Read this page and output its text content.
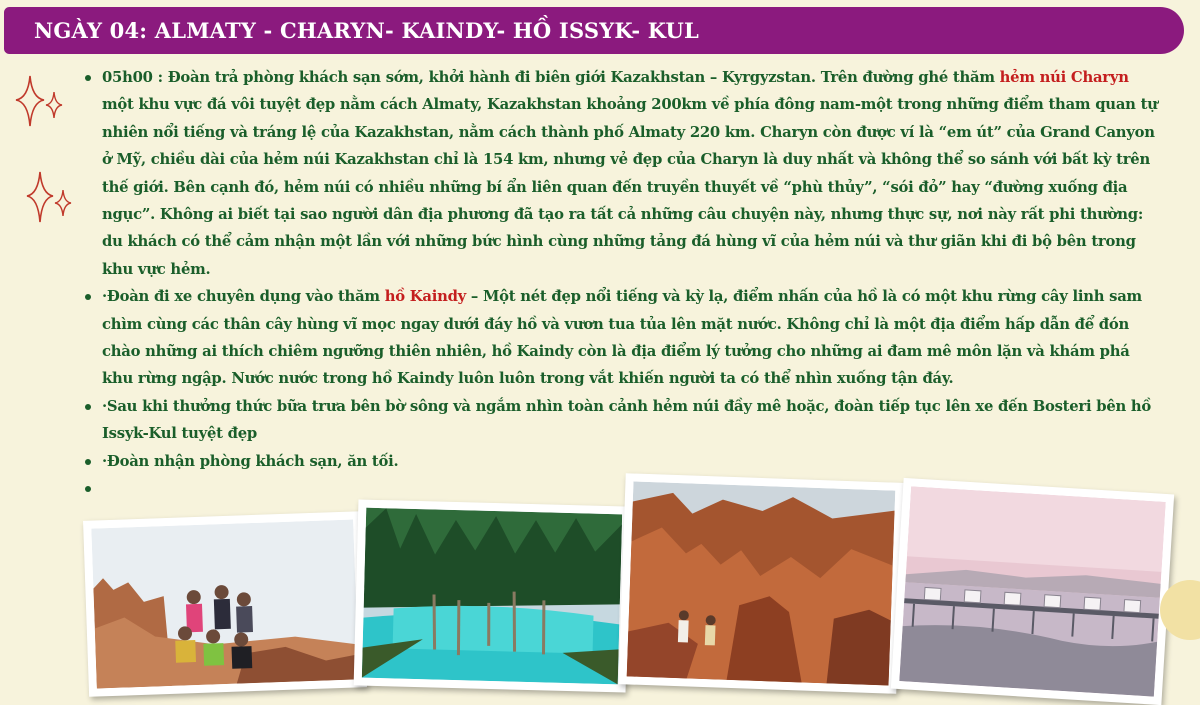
NGÀY 04: ALMATY - CHARYN- KAINDY- HỒ ISSYK- KUL
05h00 : Đoàn trả phòng khách sạn sớm, khởi hành đi biên giới Kazakhstan – Kyrgyzstan. Trên đường ghé thăm hẻm núi Charyn một khu vực đá vôi tuyệt đẹp nằm cách Almaty, Kazakhstan khoảng 200km về phía đông nam-một trong những điểm tham quan tự nhiên nổi tiếng và tráng lệ của Kazakhstan, nằm cách thành phố Almaty 220 km. Charyn còn được ví là “em út” của Grand Canyon ở Mỹ, chiều dài của hẻm núi Kazakhstan chỉ là 154 km, nhưng vẻ đẹp của Charyn là duy nhất và không thể so sánh với bất kỳ trên thế giới. Bên cạnh đó, hẻm núi có nhiều những bí ẩn liên quan đến truyền thuyết về “phù thủy”, “sói đỏ” hay “đường xuống địa ngục”. Không ai biết tại sao người dân địa phương đã tạo ra tất cả những câu chuyện này, nhưng thực sự, nơi này rất phi thường: du khách có thể cảm nhận một lần với những bức hình cùng những tảng đá hùng vĩ của hẻm núi và thư giãn khi đi bộ bên trong khu vực hẻm.
·Đoàn đi xe chuyên dụng vào thăm hồ Kaindy – Một nét đẹp nổi tiếng và kỳ lạ, điểm nhấn của hồ là có một khu rừng cây linh sam chìm cùng các thân cây hùng vĩ mọc ngay dưới đáy hồ và vươn tua tủa lên mặt nước. Không chỉ là một địa điểm hấp dẫn để đón chào những ai thích chiêm ngưỡng thiên nhiên, hồ Kaindy còn là địa điểm lý tưởng cho những ai đam mê môn lặn và khám phá khu rừng ngập. Nước nước trong hồ Kaindy luôn luôn trong vắt khiến người ta có thể nhìn xuống tận đáy.
·Sau khi thưởng thức bữa trưa bên bờ sông và ngắm nhìn toàn cảnh hẻm núi đầy mê hoặc, đoàn tiếp tục lên xe đến Bosteri bên hồ Issyk-Kul tuyệt đẹp
·Đoàn nhận phòng khách sạn, ăn tối.
